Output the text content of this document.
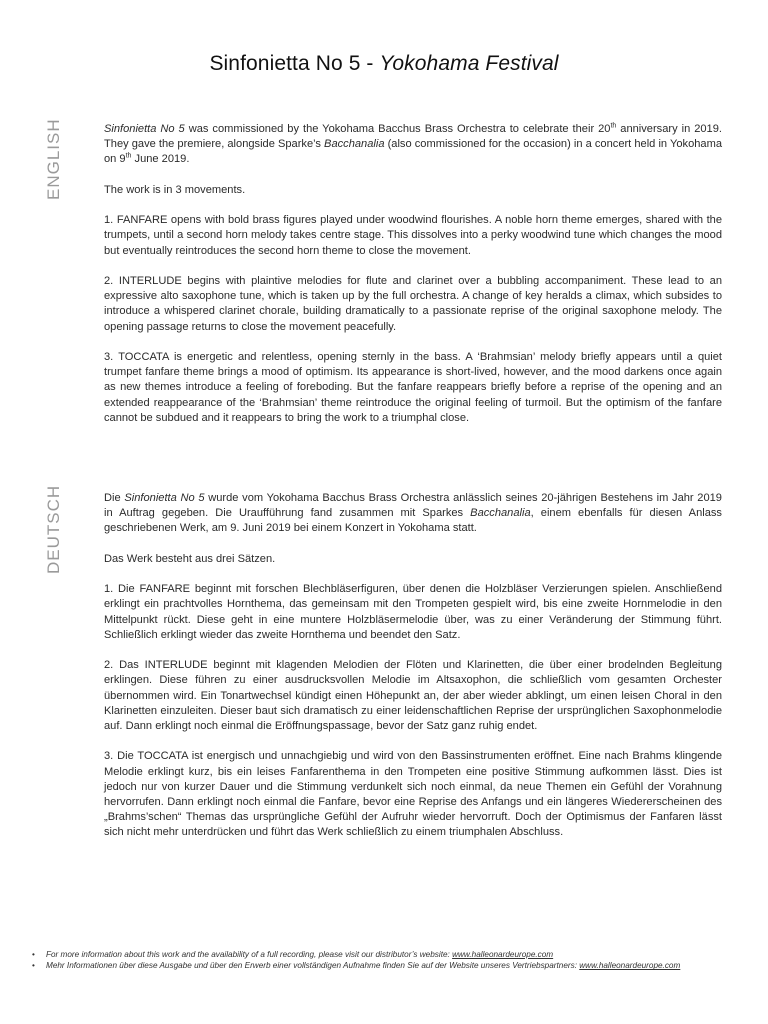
Sinfonietta No 5 - Yokohama Festival
ENGLISH	Sinfonietta No 5 was commissioned by the Yokohama Bacchus Brass Orchestra to celebrate their 20th anniversary in 2019. They gave the premiere, alongside Sparke’s Bacchanalia (also commissioned for the occasion) in a concert held in Yokohama on 9th June 2019.

The work is in 3 movements.

1. FANFARE opens with bold brass figures played under woodwind flourishes. A noble horn theme emerges, shared with the trumpets, until a second horn melody takes centre stage. This dissolves into a perky woodwind tune which changes the mood but eventually reintroduces the second horn theme to close the movement.

2. INTERLUDE begins with plaintive melodies for flute and clarinet over a bubbling accompaniment. These lead to an expressive alto saxophone tune, which is taken up by the full orchestra. A change of key heralds a climax, which subsides to introduce a whispered clarinet chorale, building dramatically to a passionate reprise of the original saxophone melody. The opening passage returns to close the movement peacefully.

3. TOCCATA is energetic and relentless, opening sternly in the bass. A ‘Brahmsian’ melody briefly appears until a quiet trumpet fanfare theme brings a mood of optimism. Its appearance is short-lived, however, and the mood darkens once again as new themes introduce a feeling of foreboding. But the fanfare reappears briefly before a reprise of the opening and an extended reappearance of the ‘Brahmsian’ theme reintroduce the original feeling of turmoil. But the optimism of the fanfare cannot be subdued and it reappears to bring the work to a triumphal close.

DEUTSCH	Die Sinfonietta No 5 wurde vom Yokohama Bacchus Brass Orchestra anlässlich seines 20-jährigen Bestehens im Jahr 2019 in Auftrag gegeben. Die Uraufführung fand zusammen mit Sparkes Bacchanalia, einem ebenfalls für diesen Anlass geschriebenen Werk, am 9. Juni 2019 bei einem Konzert in Yokohama statt.

Das Werk besteht aus drei Sätzen.

1. Die FANFARE beginnt mit forschen Blechbläserfiguren, über denen die Holzbläser Verzierungen spielen. Anschließend erklingt ein prachtvolles Hornthema, das gemeinsam mit den Trompeten gespielt wird, bis eine zweite Hornmelodie in den Mittelpunkt rückt. Diese geht in eine muntere Holzbläsermelodie über, was zu einer Veränderung der Stimmung führt. Schließlich erklingt wieder das zweite Hornthema und beendet den Satz.

2. Das INTERLUDE beginnt mit klagenden Melodien der Flöten und Klarinetten, die über einer brodelnden Begleitung erklingen. Diese führen zu einer ausdrucksvollen Melodie im Altsaxophon, die schließlich vom gesamten Orchester übernommen wird. Ein Tonartwechsel kündigt einen Höhepunkt an, der aber wieder abklingt, um einen leisen Choral in den Klarinetten einzuleiten. Dieser baut sich dramatisch zu einer leidenschaftlichen Reprise der ursprünglichen Saxophonmelodie auf. Dann erklingt noch einmal die Eröffnungspassage, bevor der Satz ganz ruhig endet.

3. Die TOCCATA ist energisch und unnachgiebig und wird von den Bassinstrumenten eröffnet. Eine nach Brahms klingende Melodie erklingt kurz, bis ein leises Fanfarenthema in den Trompeten eine positive Stimmung aufkommen lässt. Dies ist jedoch nur von kurzer Dauer und die Stimmung verdunkelt sich noch einmal, da neue Themen ein Gefühl der Vorahnung hervorrufen. Dann erklingt noch einmal die Fanfare, bevor eine Reprise des Anfangs und ein längeres Wiedererscheinen des „Brahms’schen“ Themas das ursprüngliche Gefühl der Aufruhr wieder hervorruft. Doch der Optimismus der Fanfaren lässt sich nicht mehr unterdrücken und führt das Werk schließlich zu einem triumphalen Abschluss.

• For more information about this work and the availability of a full recording, please visit our distributor’s website: www.halleonardeurope.com
• Mehr Informationen über diese Ausgabe und über den Erwerb einer vollständigen Aufnahme finden Sie auf der Website unseres Vertriebspartners: www.halleonardeurope.com
